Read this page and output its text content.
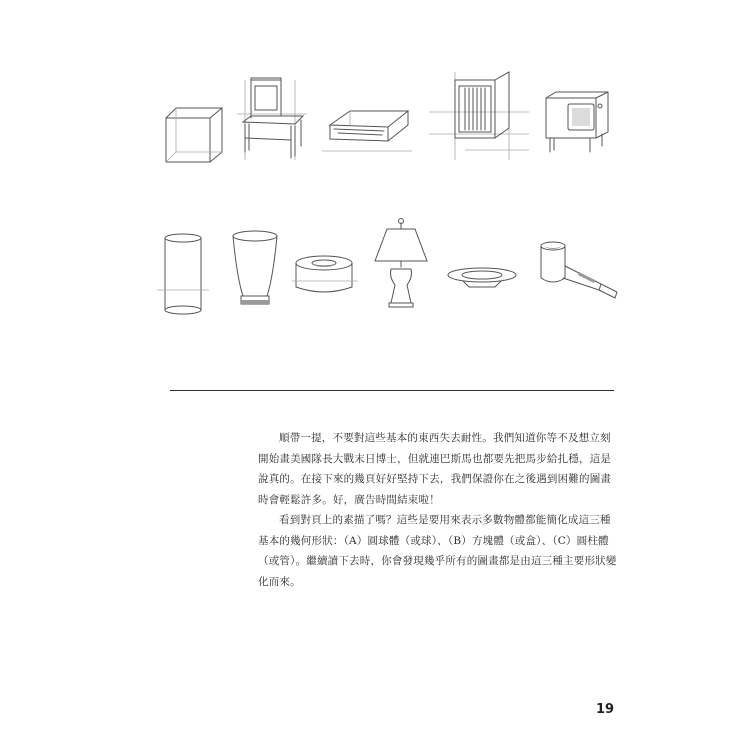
順帶一提，不要對這些基本的東西失去耐性。我們知道你等不及想立刻開始畫美國隊長大戰末日博士，但就連巴斯馬也都要先把馬步給扎穩，這是說真的。在接下來的幾頁好好堅持下去，我們保證你在之後遇到困難的圖畫時會輕鬆許多。好，廣告時間結束啦！

看到對頁上的素描了嗎？這些是要用來表示多數物體都能簡化成這三種基本的幾何形狀：（A）圓球體（或球）、（B）方塊體（或盒）、（C）圓柱體（或管）。繼續讀下去時，你會發現幾乎所有的圖畫都是由這三種主要形狀變化而來。

19
